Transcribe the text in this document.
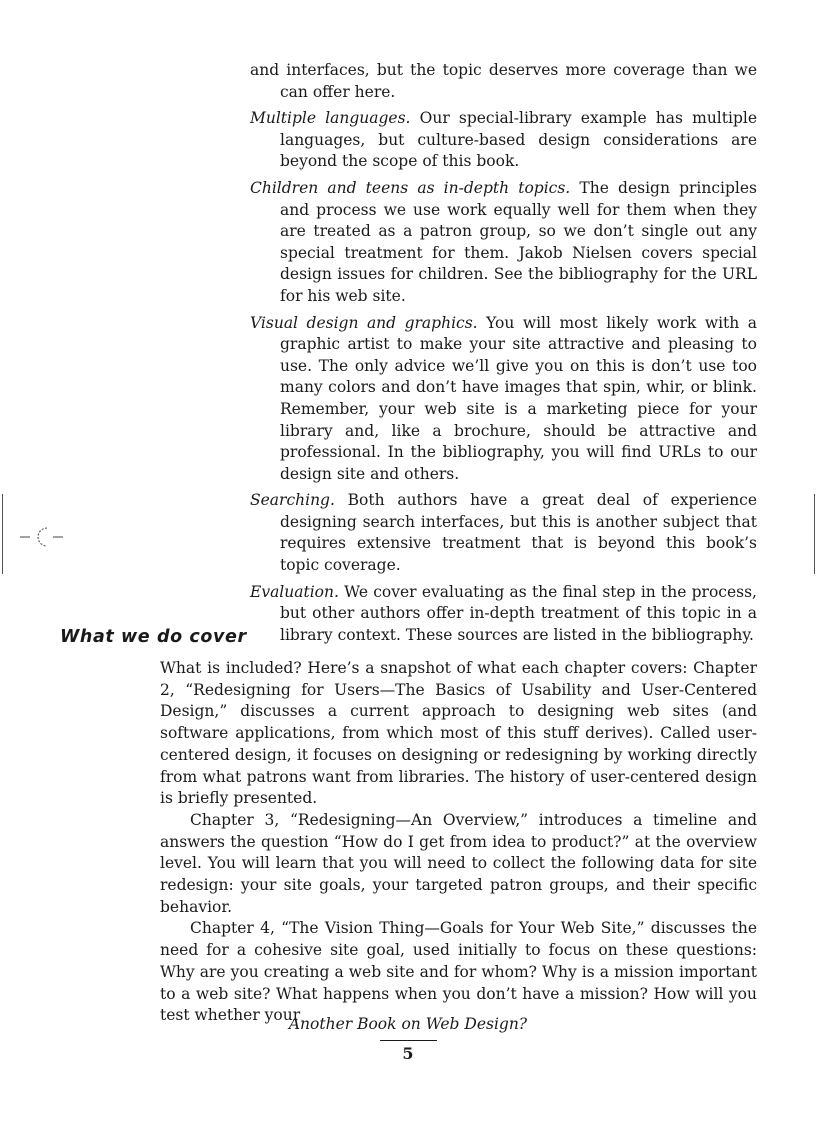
and interfaces, but the topic deserves more coverage than we can offer here.

Multiple languages. Our special-library example has multiple languages, but culture-based design considerations are beyond the scope of this book.

Children and teens as in-depth topics. The design principles and process we use work equally well for them when they are treated as a patron group, so we don’t single out any special treatment for them. Jakob Nielsen covers special design issues for children. See the bibliography for the URL for his web site.

Visual design and graphics. You will most likely work with a graphic artist to make your site attractive and pleasing to use. The only advice we’ll give you on this is don’t use too many colors and don’t have images that spin, whir, or blink. Remember, your web site is a marketing piece for your library and, like a brochure, should be attractive and professional. In the bibliography, you will find URLs to our design site and others.

Searching. Both authors have a great deal of experience designing search interfaces, but this is another subject that requires extensive treatment that is beyond this book’s topic coverage.

Evaluation. We cover evaluating as the final step in the process, but other authors offer in-depth treatment of this topic in a library context. These sources are listed in the bibliography.

What we do cover

What is included? Here’s a snapshot of what each chapter covers: Chapter 2, “Redesigning for Users—The Basics of Usability and User-Centered Design,” discusses a current approach to designing web sites (and software applications, from which most of this stuff derives). Called user-centered design, it focuses on designing or redesigning by working directly from what patrons want from libraries. The history of user-centered design is briefly presented.

Chapter 3, “Redesigning—An Overview,” introduces a timeline and answers the question “How do I get from idea to product?” at the overview level. You will learn that you will need to collect the following data for site redesign: your site goals, your targeted patron groups, and their specific behavior.

Chapter 4, “The Vision Thing—Goals for Your Web Site,” discusses the need for a cohesive site goal, used initially to focus on these questions: Why are you creating a web site and for whom? Why is a mission important to a web site? What happens when you don’t have a mission? How will you test whether your

Another Book on Web Design?
5
